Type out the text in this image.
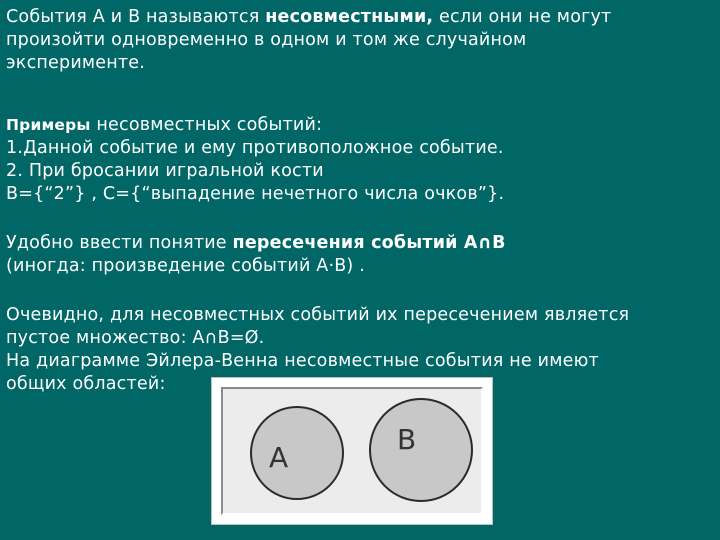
События А и В называются несовместными, если они не могут
произойти одновременно в одном и том же случайном
эксперименте.
Примеры несовместных событий:
1.Данной событие и ему противоположное событие.
2. При бросании игральной кости
В={“2”} , С={“выпадение нечетного числа очков”}.
Удобно ввести понятие пересечения событий А∩В
(иногда: произведение событий А·В) .
Очевидно, для несовместных событий их пересечением является
пустое множество: А∩В=Ø.
На диаграмме Эйлера-Венна несовместные события не имеют
общих областей:
А
В
